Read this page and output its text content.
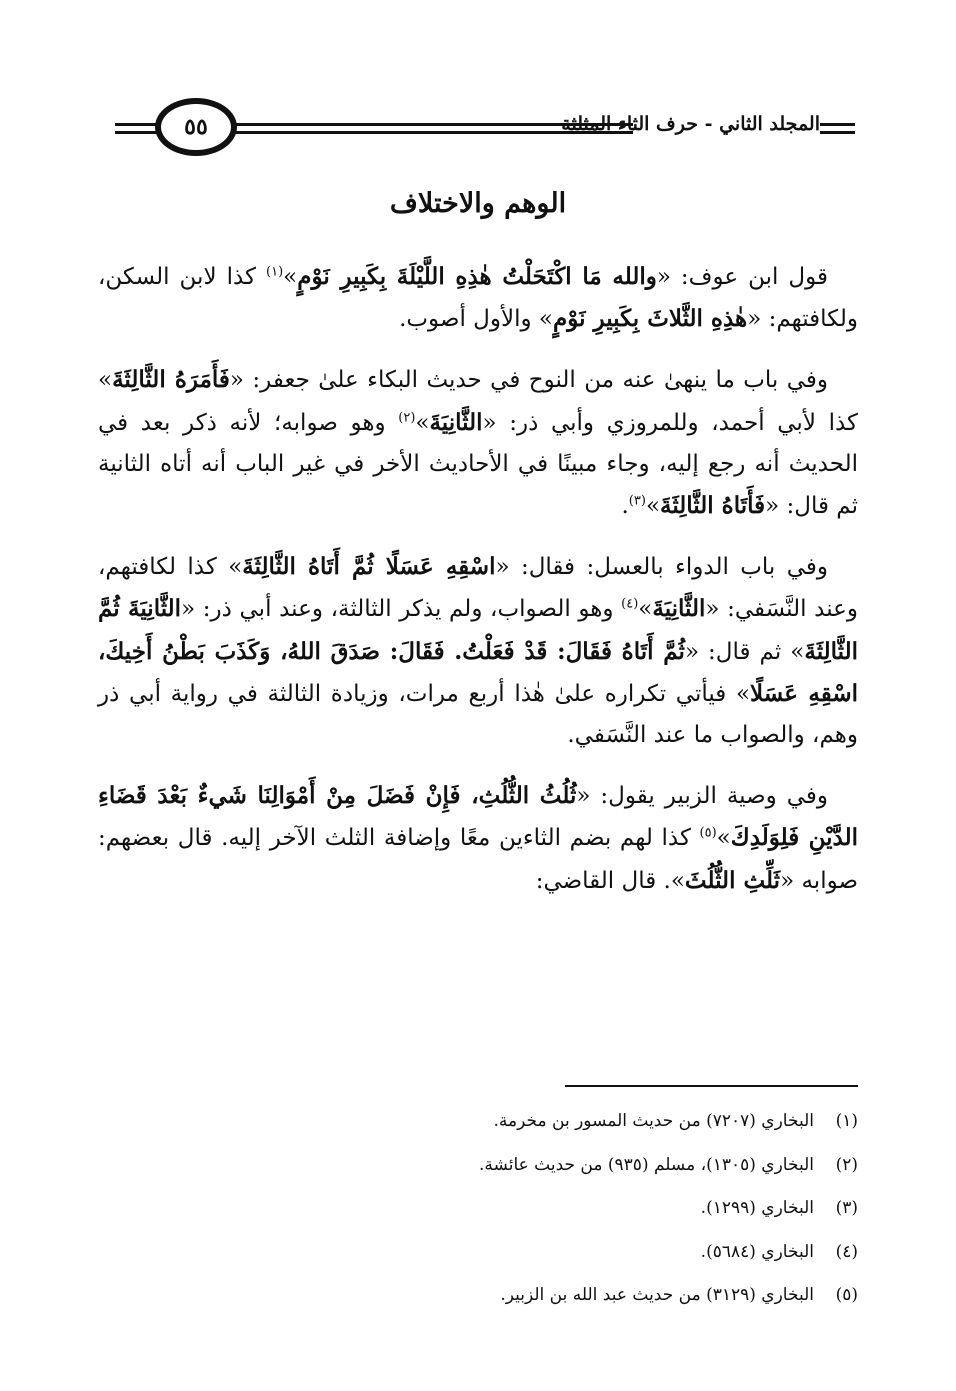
٥٥	المجلد الثاني - حرف الثاء المثلثة
الوهم والاختلاف

قول ابن عوف: «والله مَا اكْتَحَلْتُ هٰذِهِ اللَّيْلَةَ بِكَبِيرِ نَوْمٍ»$^{(١)}$ كذا لابن السكن، ولكافتهم: «هٰذِهِ الثَّلاثَ بِكَبِيرِ نَوْمٍ» والأول أصوب.

وفي باب ما ينهىٰ عنه من النوح في حديث البكاء علىٰ جعفر: «فَأَمَرَهُ الثَّالِثَةَ» كذا لأبي أحمد، وللمروزي وأبي ذر: «الثَّانِيَةَ»$^{(٢)}$ وهو صوابه؛ لأنه ذكر بعد في الحديث أنه رجع إليه، وجاء مبينًا في الأحاديث الأخر في غير الباب أنه أتاه الثانية ثم قال: «فَأَتَاهُ الثَّالِثَةَ»$^{(٣)}$.

وفي باب الدواء بالعسل: فقال: «اسْقِهِ عَسَلًا ثُمَّ أَتَاهُ الثَّالِثَةَ» كذا لكافتهم، وعند النَّسَفي: «الثَّانِيَةَ»$^{(٤)}$ وهو الصواب، ولم يذكر الثالثة، وعند أبي ذر: «الثَّانِيَةَ ثُمَّ الثَّالِثَةَ» ثم قال: «ثُمَّ أَتَاهُ فَقَالَ: قَدْ فَعَلْتُ. فَقَالَ: صَدَقَ اللهُ، وَكَذَبَ بَطْنُ أَخِيكَ، اسْقِهِ عَسَلًا» فيأتي تكراره علىٰ هٰذا أربع مرات، وزيادة الثالثة في رواية أبي ذر وهم، والصواب ما عند النَّسَفي.

وفي وصية الزبير يقول: «ثُلُثُ الثُّلُثِ، فَإِنْ فَضَلَ مِنْ أَمْوَالِنَا شَيءٌ بَعْدَ قَضَاءِ الدَّيْنِ فَلِوَلَدِكَ»$^{(٥)}$ كذا لهم بضم الثاءين معًا وإضافة الثلث الآخر إليه. قال بعضهم: صوابه «ثَلِّثِ الثُّلُثَ». قال القاضي:

(١)
البخاري (٧٢٠٧) من حديث المسور بن مخرمة.
(٢)
البخاري (١٣٠٥)، مسلم (٩٣٥) من حديث عائشة.
(٣)
البخاري (١٢٩٩).
(٤)
البخاري (٥٦٨٤).
(٥)
البخاري (٣١٢٩) من حديث عبد الله بن الزبير.
